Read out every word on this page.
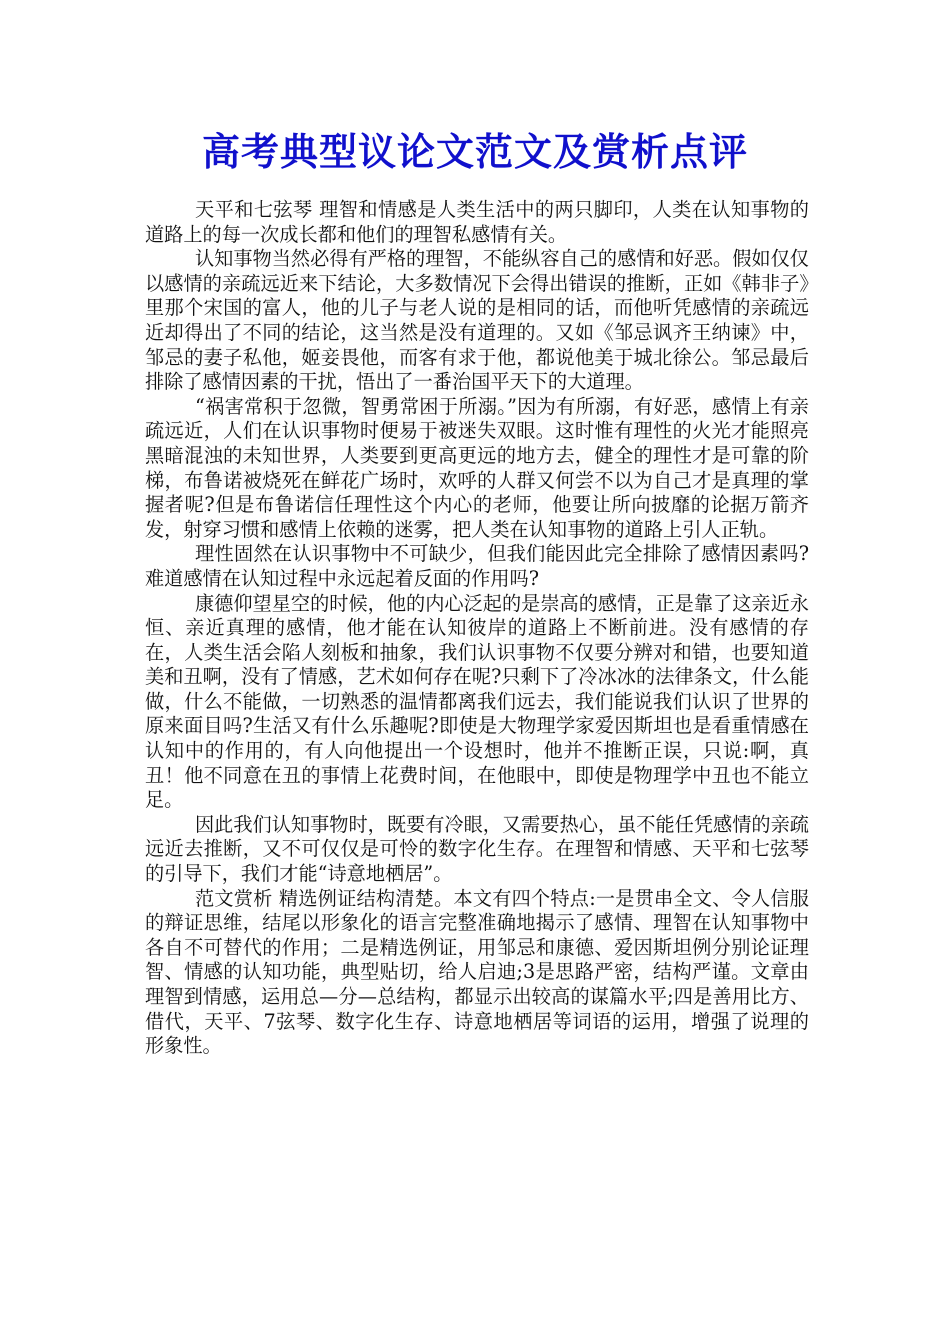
高考典型议论文范文及赏析点评

天平和七弦琴 理智和情感是人类生活中的两只脚印，人类在认知事物的道路上的每一次成长都和他们的理智私感情有关。

认知事物当然必得有严格的理智，不能纵容自己的感情和好恶。假如仅仅以感情的亲疏远近来下结论，大多数情况下会得出错误的推断，正如《韩非子》里那个宋国的富人，他的儿子与老人说的是相同的话，而他听凭感情的亲疏远近却得出了不同的结论，这当然是没有道理的。又如《邹忌讽齐王纳谏》中，邹忌的妻子私他，姬妾畏他，而客有求于他，都说他美于城北徐公。邹忌最后排除了感情因素的干扰，悟出了一番治国平天下的大道理。

“祸害常积于忽微，智勇常困于所溺。”因为有所溺，有好恶，感情上有亲疏远近，人们在认识事物时便易于被迷失双眼。这时惟有理性的火光才能照亮黑暗混浊的未知世界，人类要到更高更远的地方去，健全的理性才是可靠的阶梯，布鲁诺被烧死在鲜花广场时，欢呼的人群又何尝不以为自己才是真理的掌握者呢?但是布鲁诺信任理性这个内心的老师，他要让所向披靡的论据万箭齐发，射穿习惯和感情上依赖的迷雾，把人类在认知事物的道路上引人正轨。

理性固然在认识事物中不可缺少，但我们能因此完全排除了感情因素吗?难道感情在认知过程中永远起着反面的作用吗?

康德仰望星空的时候，他的内心泛起的是崇高的感情，正是靠了这亲近永恒、亲近真理的感情，他才能在认知彼岸的道路上不断前进。没有感情的存在，人类生活会陷人刻板和抽象，我们认识事物不仅要分辨对和错，也要知道美和丑啊，没有了情感，艺术如何存在呢?只剩下了冷冰冰的法律条文，什么能做，什么不能做，一切熟悉的温情都离我们远去，我们能说我们认识了世界的原来面目吗?生活又有什么乐趣呢?即使是大物理学家爱因斯坦也是看重情感在认知中的作用的，有人向他提出一个设想时，他并不推断正误，只说:啊，真丑！他不同意在丑的事情上花费时间，在他眼中，即使是物理学中丑也不能立足。

因此我们认知事物时，既要有冷眼，又需要热心，虽不能任凭感情的亲疏远近去推断，又不可仅仅是可怜的数字化生存。在理智和情感、天平和七弦琴的引导下，我们才能“诗意地栖居”。

范文赏析 精选例证结构清楚。本文有四个特点:一是贯串全文、令人信服的辩证思维，结尾以形象化的语言完整准确地揭示了感情、理智在认知事物中各自不可替代的作用；二是精选例证，用邹忌和康德、爱因斯坦例分别论证理智、情感的认知功能，典型贴切，给人启迪;3是思路严密，结构严谨。文章由理智到情感，运用总—分—总结构，都显示出较高的谋篇水平;四是善用比方、借代，天平、7弦琴、数字化生存、诗意地栖居等词语的运用，增强了说理的形象性。
